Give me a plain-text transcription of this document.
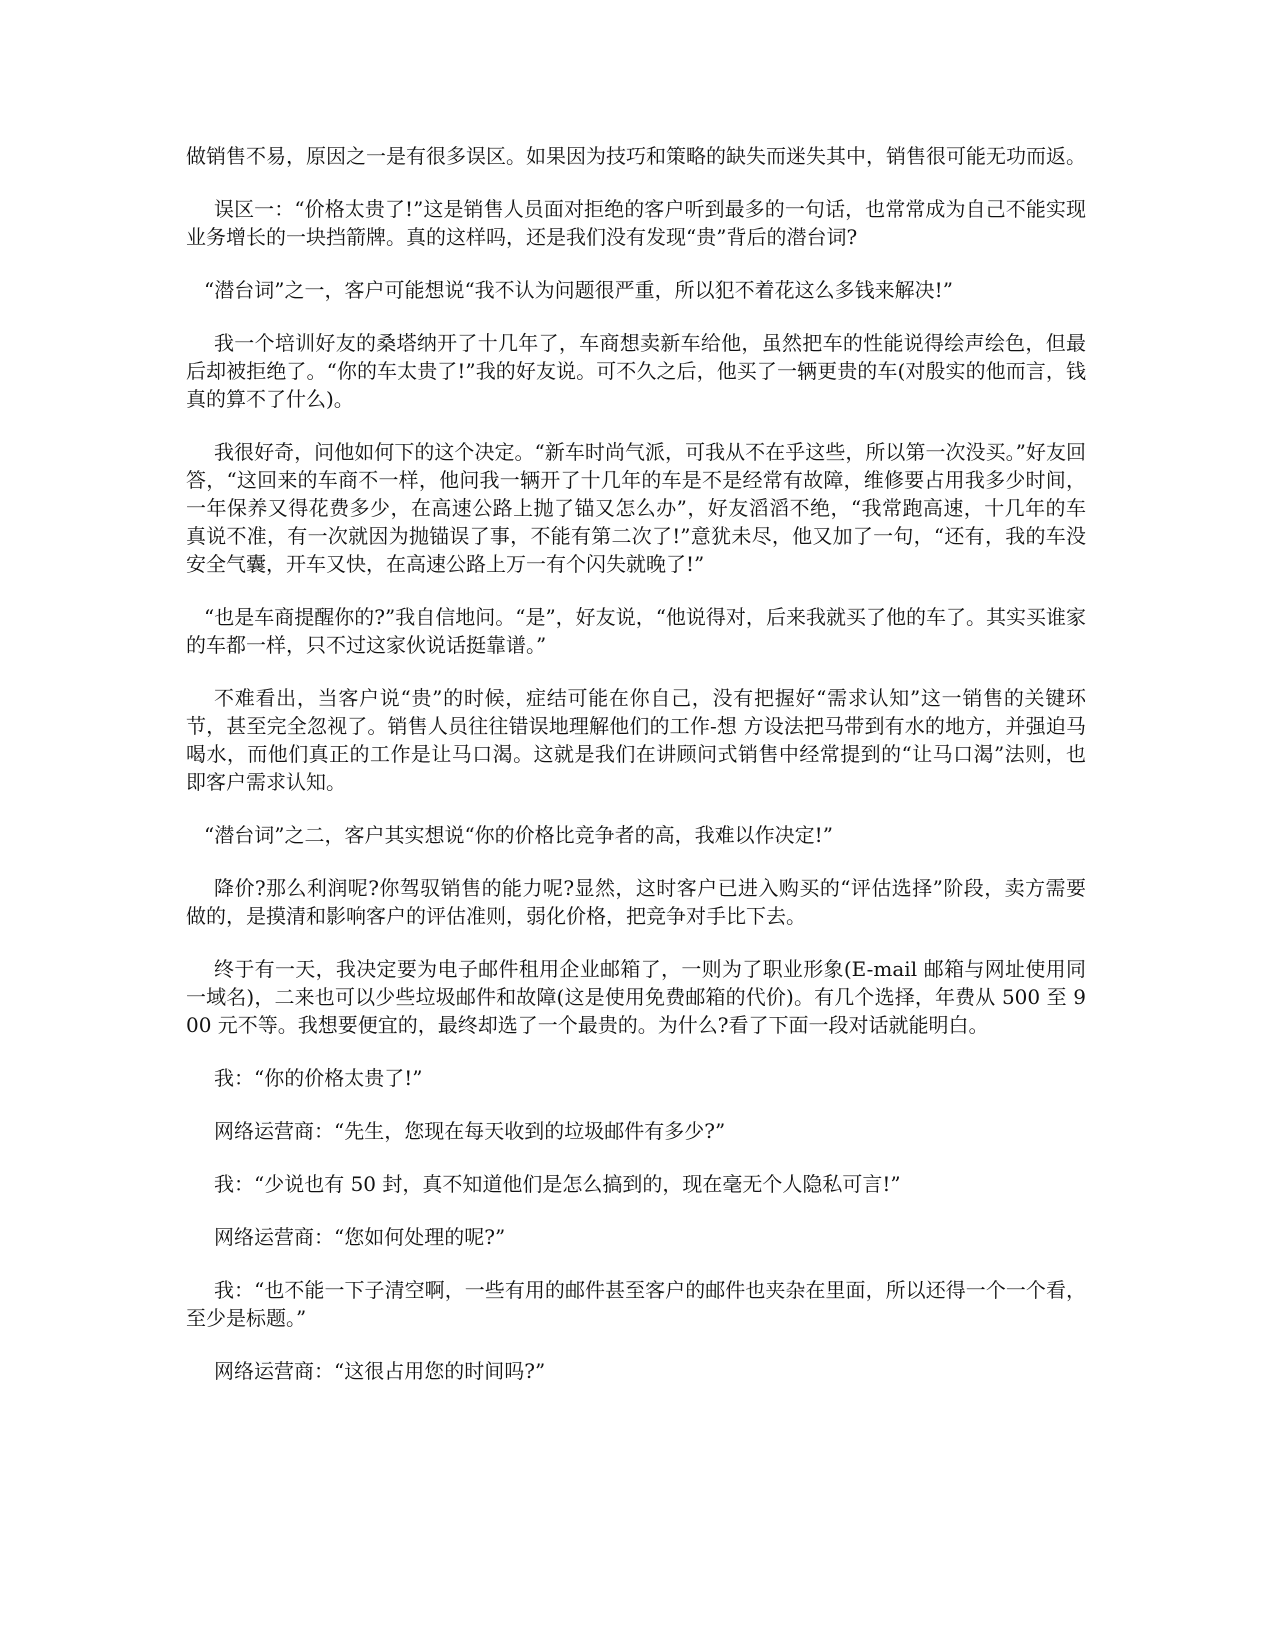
做销售不易，原因之一是有很多误区。如果因为技巧和策略的缺失而迷失其中，销售很可能无功而返。

误区一：“价格太贵了!”这是销售人员面对拒绝的客户听到最多的一句话，也常常成为自己不能实现业务增长的一块挡箭牌。真的这样吗，还是我们没有发现“贵”背后的潜台词?

“潜台词”之一，客户可能想说“我不认为问题很严重，所以犯不着花这么多钱来解决!”

我一个培训好友的桑塔纳开了十几年了，车商想卖新车给他，虽然把车的性能说得绘声绘色，但最后却被拒绝了。“你的车太贵了!”我的好友说。可不久之后，他买了一辆更贵的车(对殷实的他而言，钱真的算不了什么)。

我很好奇，问他如何下的这个决定。“新车时尚气派，可我从不在乎这些，所以第一次没买。”好友回答，“这回来的车商不一样，他问我一辆开了十几年的车是不是经常有故障，维修要占用我多少时间，一年保养又得花费多少，在高速公路上抛了锚又怎么办”，好友滔滔不绝，“我常跑高速，十几年的车真说不准，有一次就因为抛锚误了事，不能有第二次了!”意犹未尽，他又加了一句，“还有，我的车没安全气囊，开车又快，在高速公路上万一有个闪失就晚了!”

“也是车商提醒你的?”我自信地问。“是”，好友说，“他说得对，后来我就买了他的车了。其实买谁家的车都一样，只不过这家伙说话挺靠谱。”

不难看出，当客户说“贵”的时候，症结可能在你自己，没有把握好“需求认知”这一销售的关键环节，甚至完全忽视了。销售人员往往错误地理解他们的工作-想 方设法把马带到有水的地方，并强迫马喝水，而他们真正的工作是让马口渴。这就是我们在讲顾问式销售中经常提到的“让马口渴”法则，也即客户需求认知。

“潜台词”之二，客户其实想说“你的价格比竞争者的高，我难以作决定!”

降价?那么利润呢?你驾驭销售的能力呢?显然，这时客户已进入购买的“评估选择”阶段，卖方需要做的，是摸清和影响客户的评估准则，弱化价格，把竞争对手比下去。

终于有一天，我决定要为电子邮件租用企业邮箱了，一则为了职业形象(E-mail 邮箱与网址使用同一域名)，二来也可以少些垃圾邮件和故障(这是使用免费邮箱的代价)。有几个选择，年费从 500 至 900 元不等。我想要便宜的，最终却选了一个最贵的。为什么?看了下面一段对话就能明白。

我：“你的价格太贵了!”

网络运营商：“先生，您现在每天收到的垃圾邮件有多少?”

我：“少说也有 50 封，真不知道他们是怎么搞到的，现在毫无个人隐私可言!”

网络运营商：“您如何处理的呢?”

我：“也不能一下子清空啊，一些有用的邮件甚至客户的邮件也夹杂在里面，所以还得一个一个看，至少是标题。”

网络运营商：“这很占用您的时间吗?”
